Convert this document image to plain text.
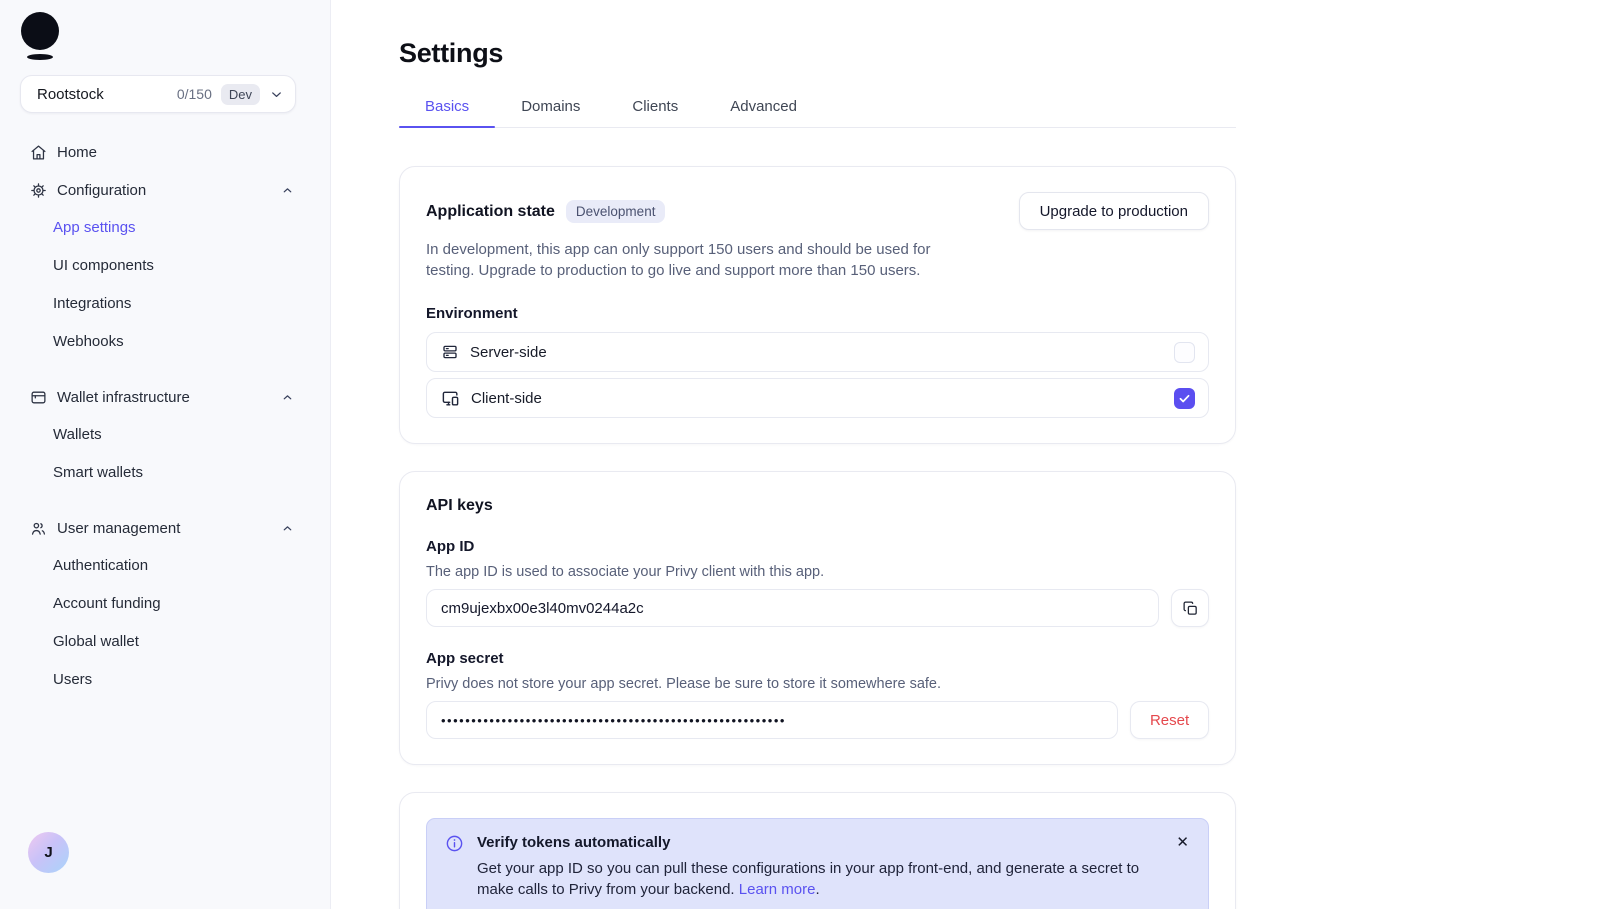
Rootstock	0/150	Dev
Home
Configuration
App settings
UI components
Integrations
Webhooks
Wallet infrastructure
Wallets
Smart wallets
User management
Authentication
Account funding
Global wallet
Users
J
Settings
Basics	Domains	Clients	Advanced
Application state	Development	Upgrade to production

In development, this app can only support 150 users and should be used for testing. Upgrade to production to go live and support more than 150 users.

Environment
Server-side
Client-side
API keys
App ID
The app ID is used to associate your Privy client with this app.
cm9ujexbx00e3l40mv0244a2c
App secret
Privy does not store your app secret. Please be sure to store it somewhere safe.
•••••••••••••••••••••••••••••••••••••••••••••••••••••••••
Reset
Verify tokens automatically
Get your app ID so you can pull these configurations in your app front-end, and generate a secret to make calls to Privy from your backend. Learn more.
✕
